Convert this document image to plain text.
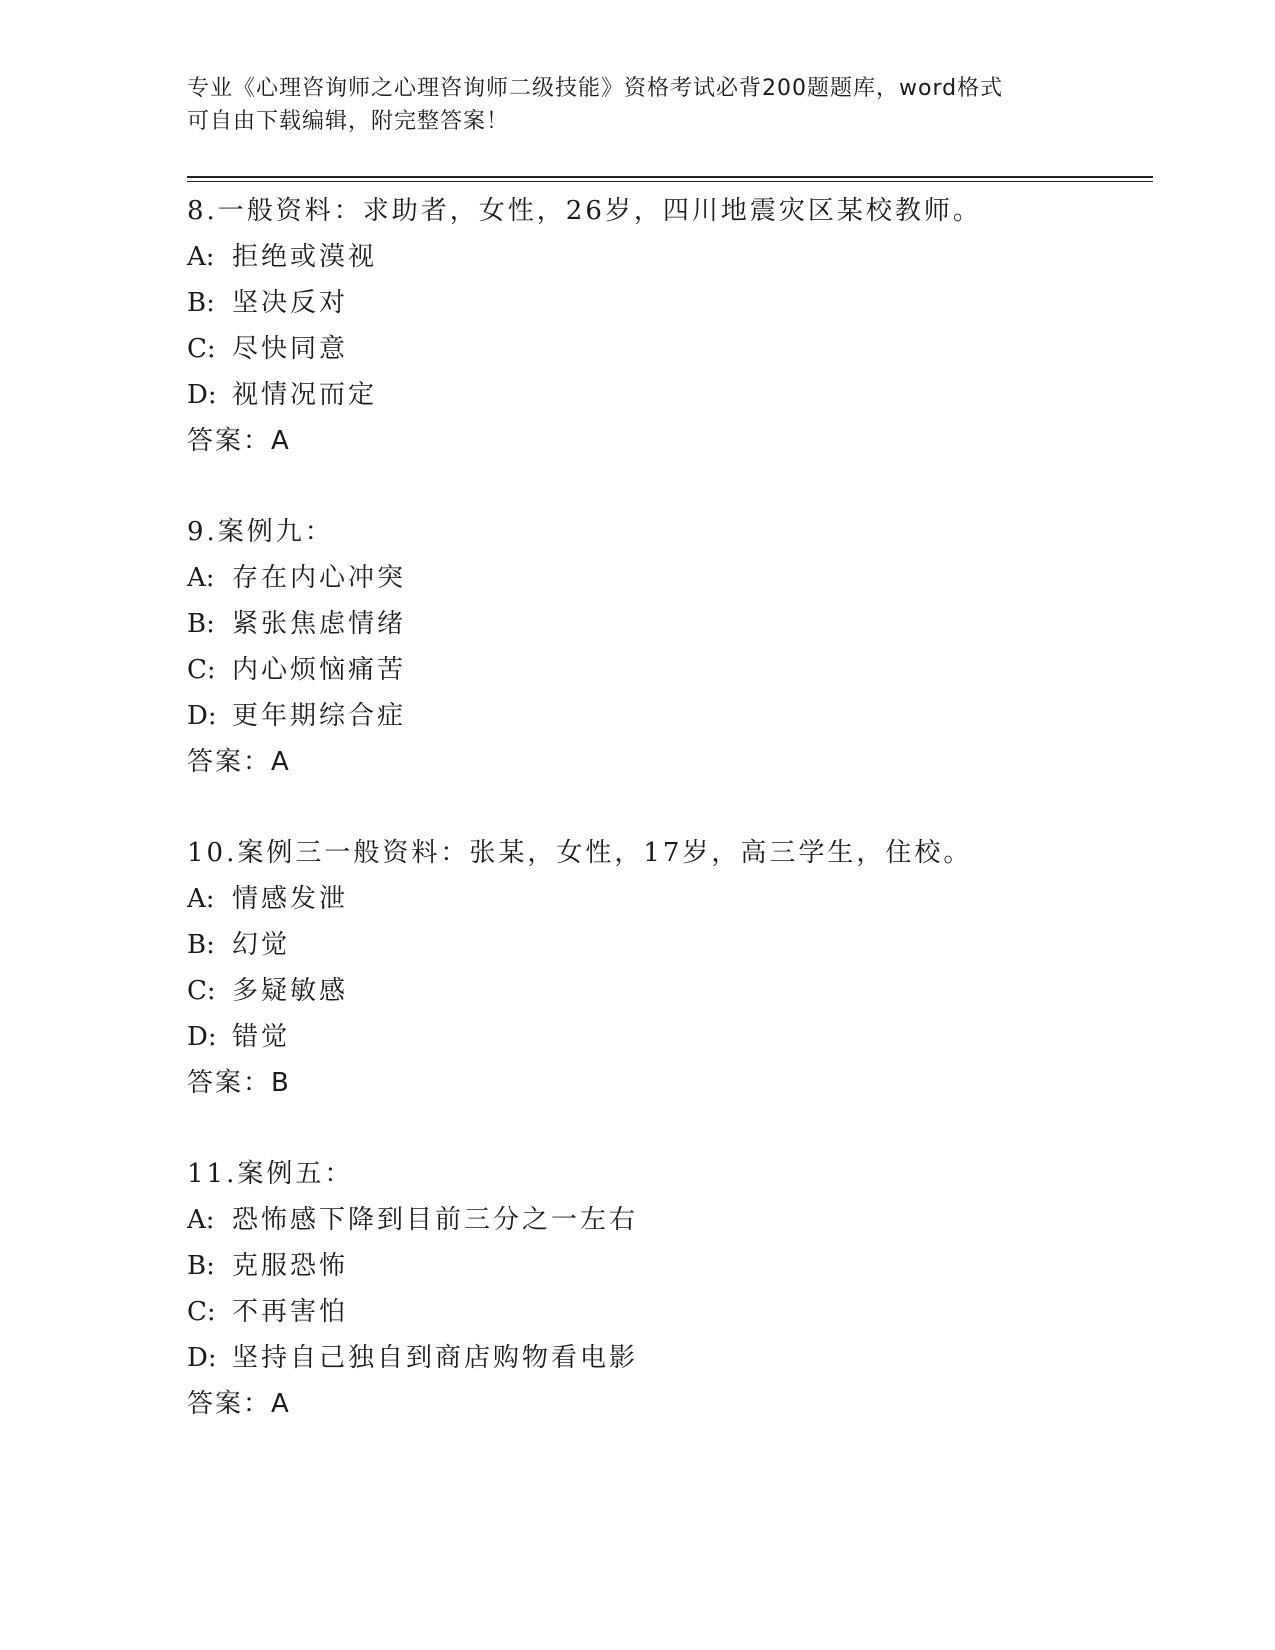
专业《心理咨询师之心理咨询师二级技能》资格考试必背200题题库，word格式
可自由下载编辑，附完整答案！
8.一般资料：求助者，女性，26岁，四川地震灾区某校教师。
A: 拒绝或漠视
B: 坚决反对
C: 尽快同意
D: 视情况而定
答案：A
9.案例九：
A: 存在内心冲突
B: 紧张焦虑情绪
C: 内心烦恼痛苦
D: 更年期综合症
答案：A
10.案例三一般资料：张某，女性，17岁，高三学生，住校。
A: 情感发泄
B: 幻觉
C: 多疑敏感
D: 错觉
答案：B
11.案例五：
A: 恐怖感下降到目前三分之一左右
B: 克服恐怖
C: 不再害怕
D: 坚持自己独自到商店购物看电影
答案：A
